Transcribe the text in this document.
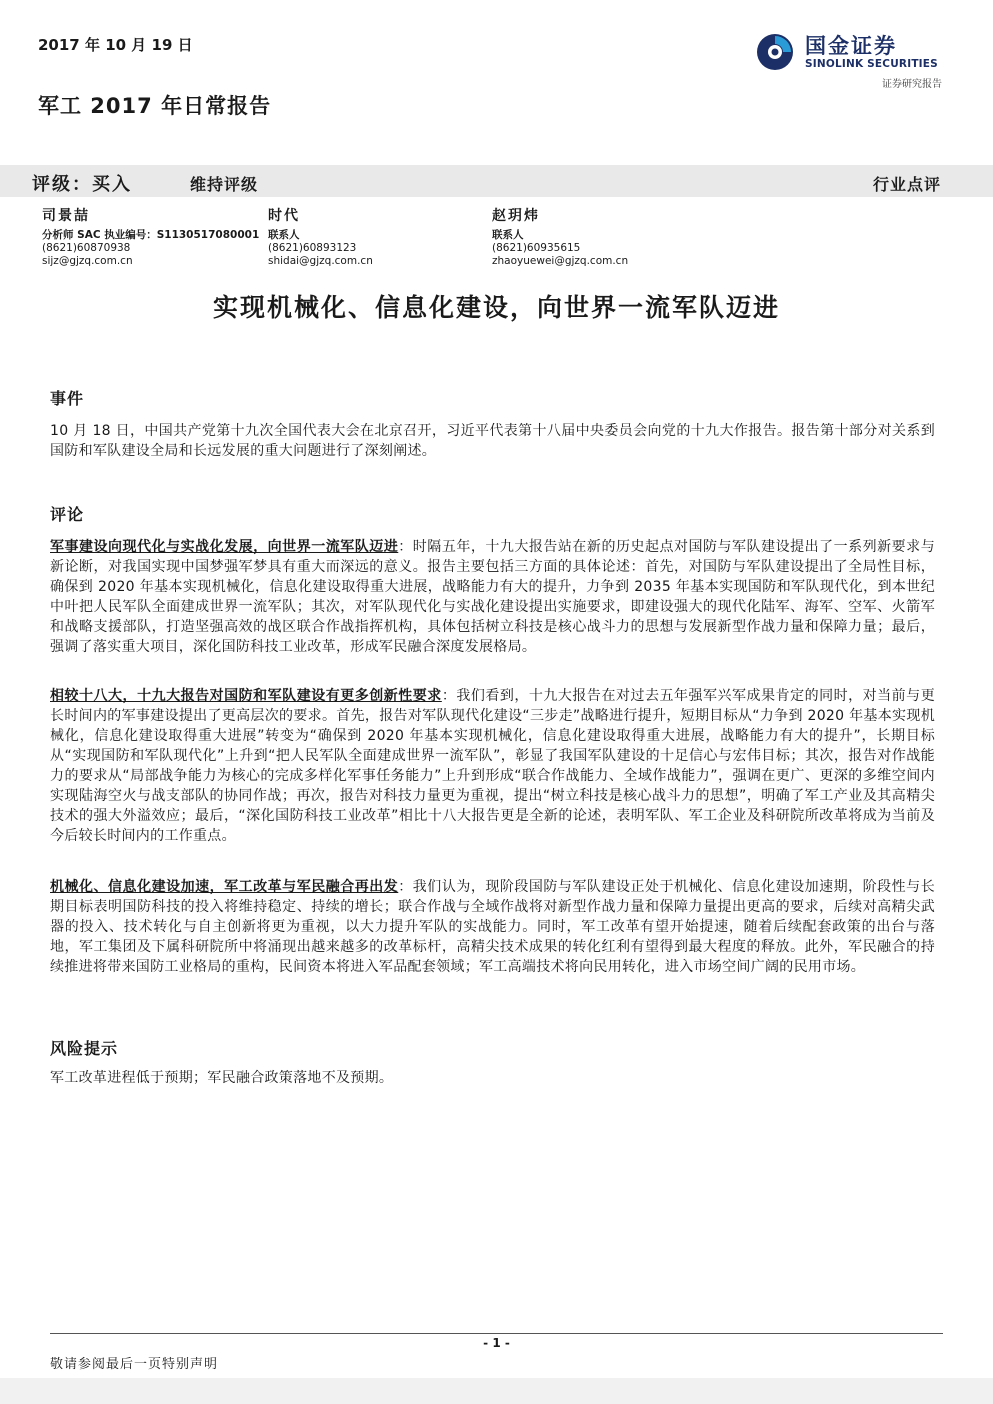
2017 年 10 月 19 日
军工 2017 年日常报告
国金证券
SINOLINK SECURITIES
证券研究报告
评级：买入	维持评级	行业点评
司景喆
分析师 SAC 执业编号：S1130517080001
(8621)60870938
sijz@gjzq.com.cn
时代
联系人
(8621)60893123
shidai@gjzq.com.cn
赵玥炜
联系人
(8621)60935615
zhaoyuewei@gjzq.com.cn
实现机械化、信息化建设，向世界一流军队迈进
事件
10 月 18 日，中国共产党第十九次全国代表大会在北京召开，习近平代表第十八届中央委员会向党的十九大作报告。报告第十部分对关系到国防和军队建设全局和长远发展的重大问题进行了深刻阐述。
评论
军事建设向现代化与实战化发展，向世界一流军队迈进：时隔五年，十九大报告站在新的历史起点对国防与军队建设提出了一系列新要求与新论断，对我国实现中国梦强军梦具有重大而深远的意义。报告主要包括三方面的具体论述：首先，对国防与军队建设提出了全局性目标，确保到 2020 年基本实现机械化，信息化建设取得重大进展，战略能力有大的提升，力争到 2035 年基本实现国防和军队现代化，到本世纪中叶把人民军队全面建成世界一流军队；其次，对军队现代化与实战化建设提出实施要求，即建设强大的现代化陆军、海军、空军、火箭军和战略支援部队，打造坚强高效的战区联合作战指挥机构，具体包括树立科技是核心战斗力的思想与发展新型作战力量和保障力量；最后，强调了落实重大项目，深化国防科技工业改革，形成军民融合深度发展格局。
相较十八大，十九大报告对国防和军队建设有更多创新性要求：我们看到，十九大报告在对过去五年强军兴军成果肯定的同时，对当前与更长时间内的军事建设提出了更高层次的要求。首先，报告对军队现代化建设“三步走”战略进行提升，短期目标从“力争到 2020 年基本实现机械化，信息化建设取得重大进展”转变为“确保到 2020 年基本实现机械化，信息化建设取得重大进展，战略能力有大的提升”，长期目标从“实现国防和军队现代化”上升到“把人民军队全面建成世界一流军队”，彰显了我国军队建设的十足信心与宏伟目标；其次，报告对作战能力的要求从“局部战争能力为核心的完成多样化军事任务能力”上升到形成“联合作战能力、全域作战能力”，强调在更广、更深的多维空间内实现陆海空火与战支部队的协同作战；再次，报告对科技力量更为重视，提出“树立科技是核心战斗力的思想”，明确了军工产业及其高精尖技术的强大外溢效应；最后，“深化国防科技工业改革”相比十八大报告更是全新的论述，表明军队、军工企业及科研院所改革将成为当前及今后较长时间内的工作重点。
机械化、信息化建设加速，军工改革与军民融合再出发：我们认为，现阶段国防与军队建设正处于机械化、信息化建设加速期，阶段性与长期目标表明国防科技的投入将维持稳定、持续的增长；联合作战与全域作战将对新型作战力量和保障力量提出更高的要求，后续对高精尖武器的投入、技术转化与自主创新将更为重视，以大力提升军队的实战能力。同时，军工改革有望开始提速，随着后续配套政策的出台与落地，军工集团及下属科研院所中将涌现出越来越多的改革标杆，高精尖技术成果的转化红利有望得到最大程度的释放。此外，军民融合的持续推进将带来国防工业格局的重构，民间资本将进入军品配套领域；军工高端技术将向民用转化，进入市场空间广阔的民用市场。
风险提示
军工改革进程低于预期；军民融合政策落地不及预期。
- 1 -
敬请参阅最后一页特别声明
